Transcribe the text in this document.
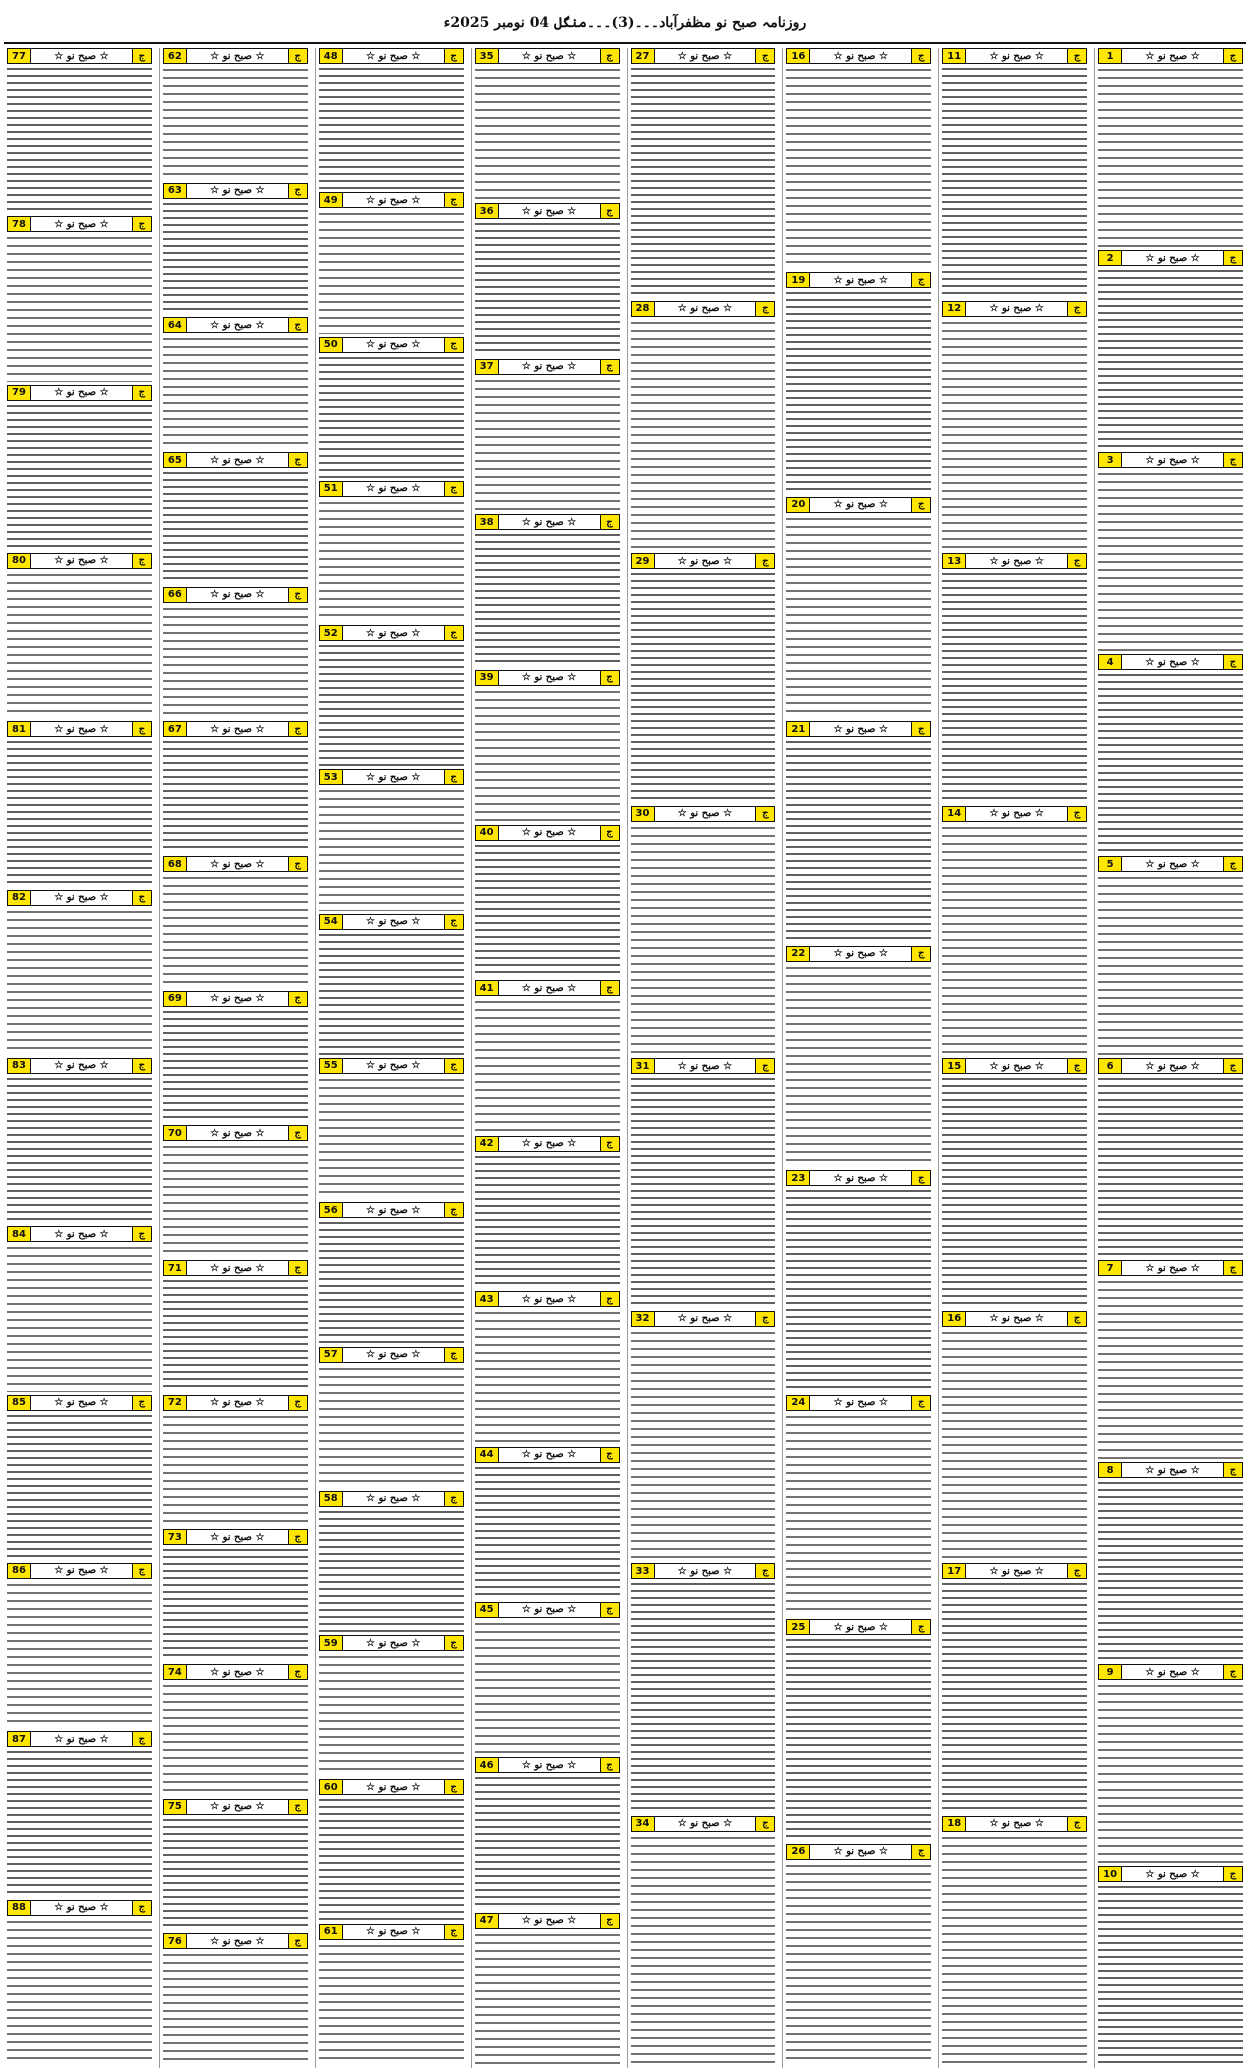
روزنامہ صبح نو مظفرآباد۔۔۔(3)۔۔۔منگل 04 نومبر 2025ء
1	☆ صبح نو ☆	ج
2	☆ صبح نو ☆	ج
3	☆ صبح نو ☆	ج
4	☆ صبح نو ☆	ج
5	☆ صبح نو ☆	ج
6	☆ صبح نو ☆	ج
7	☆ صبح نو ☆	ج
8	☆ صبح نو ☆	ج
9	☆ صبح نو ☆	ج
10	☆ صبح نو ☆	ج
11	☆ صبح نو ☆	ج
12	☆ صبح نو ☆	ج
13	☆ صبح نو ☆	ج
14	☆ صبح نو ☆	ج
15	☆ صبح نو ☆	ج
16	☆ صبح نو ☆	ج
17	☆ صبح نو ☆	ج
18	☆ صبح نو ☆	ج
16	☆ صبح نو ☆	ج
19	☆ صبح نو ☆	ج
20	☆ صبح نو ☆	ج
21	☆ صبح نو ☆	ج
22	☆ صبح نو ☆	ج
23	☆ صبح نو ☆	ج
24	☆ صبح نو ☆	ج
25	☆ صبح نو ☆	ج
26	☆ صبح نو ☆	ج
27	☆ صبح نو ☆	ج
28	☆ صبح نو ☆	ج
29	☆ صبح نو ☆	ج
30	☆ صبح نو ☆	ج
31	☆ صبح نو ☆	ج
32	☆ صبح نو ☆	ج
33	☆ صبح نو ☆	ج
34	☆ صبح نو ☆	ج
35	☆ صبح نو ☆	ج
36	☆ صبح نو ☆	ج
37	☆ صبح نو ☆	ج
38	☆ صبح نو ☆	ج
39	☆ صبح نو ☆	ج
40	☆ صبح نو ☆	ج
41	☆ صبح نو ☆	ج
42	☆ صبح نو ☆	ج
43	☆ صبح نو ☆	ج
44	☆ صبح نو ☆	ج
45	☆ صبح نو ☆	ج
46	☆ صبح نو ☆	ج
47	☆ صبح نو ☆	ج
48	☆ صبح نو ☆	ج
49	☆ صبح نو ☆	ج
50	☆ صبح نو ☆	ج
51	☆ صبح نو ☆	ج
52	☆ صبح نو ☆	ج
53	☆ صبح نو ☆	ج
54	☆ صبح نو ☆	ج
55	☆ صبح نو ☆	ج
56	☆ صبح نو ☆	ج
57	☆ صبح نو ☆	ج
58	☆ صبح نو ☆	ج
59	☆ صبح نو ☆	ج
60	☆ صبح نو ☆	ج
61	☆ صبح نو ☆	ج
62	☆ صبح نو ☆	ج
63	☆ صبح نو ☆	ج
64	☆ صبح نو ☆	ج
65	☆ صبح نو ☆	ج
66	☆ صبح نو ☆	ج
67	☆ صبح نو ☆	ج
68	☆ صبح نو ☆	ج
69	☆ صبح نو ☆	ج
70	☆ صبح نو ☆	ج
71	☆ صبح نو ☆	ج
72	☆ صبح نو ☆	ج
73	☆ صبح نو ☆	ج
74	☆ صبح نو ☆	ج
75	☆ صبح نو ☆	ج
76	☆ صبح نو ☆	ج
77	☆ صبح نو ☆	ج
78	☆ صبح نو ☆	ج
79	☆ صبح نو ☆	ج
80	☆ صبح نو ☆	ج
81	☆ صبح نو ☆	ج
82	☆ صبح نو ☆	ج
83	☆ صبح نو ☆	ج
84	☆ صبح نو ☆	ج
85	☆ صبح نو ☆	ج
86	☆ صبح نو ☆	ج
87	☆ صبح نو ☆	ج
88	☆ صبح نو ☆	ج
